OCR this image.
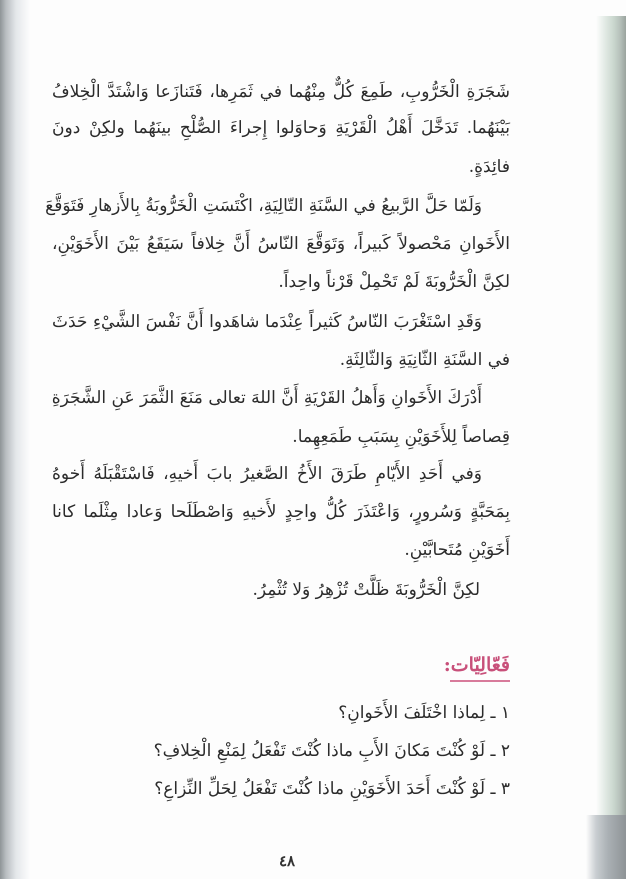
شَجَرَةِ الْخَرُّوبِ، طَمِعَ كُلٌّ مِنْهُما في ثَمَرِها، فَتَنازَعا وَاشْتَدَّ الْخِلافُ
بَيْنَهُما. تَدَخَّلَ أَهْلُ الْقَرْيَةِ وَحاوَلوا إِجراءَ الصُّلْحِ بينَهُما ولكِنْ دونَ
فائِدَةٍ.
وَلَمّا حَلَّ الرَّبيعُ في السَّنَةِ التّالِيَةِ، اكْتَسَتِ الْخَرُّوبَةُ بِالأَزهارِ فَتَوَقَّعَ
الأَخَوانِ مَحْصولاً كَبيراً، وَتَوَقَّعَ النّاسُ أَنَّ خِلافاً سَيَقَعُ بَيْنَ الأَخَوَيْنِ،
لكِنَّ الْخَرُّوبَةَ لَمْ تَحْمِلْ قَرْناً واحِداً.
وَقَدِ اسْتَغْرَبَ النّاسُ كَثيراً عِنْدَما شاهَدوا أَنَّ نَفْسَ الشَّيْءِ حَدَثَ
في السَّنَةِ الثّانِيَةِ وَالثّالِثَةِ.
أَدْرَكَ الأَخَوانِ وَأَهلُ القَرْيَةِ أَنَّ اللهَ تعالى مَنَعَ الثَّمَرَ عَنِ الشَّجَرَةِ
قِصاصاً لِلأَخَوَيْنِ بِسَبَبِ طَمَعِهِما.
وَفي أَحَدِ الأَيّامِ طَرَقَ الأَخُ الصَّغيرُ بابَ أَخيهِ، فَاسْتَقْبَلَهُ أَخوهُ
بِمَحَبَّةٍ وَسُرورٍ، وَاعْتَذَرَ كُلُّ واحِدٍ لأَخيهِ وَاصْطَلَحا وَعادا مِثْلَما كانا
أَخَوَيْنِ مُتَحابَّيْنِ.
لكِنَّ الْخَرُّوبَةَ ظَلَّتْ تُزْهِرُ وَلا تُثْمِرُ.
فَعّالِيّات:
١ ـ لِماذا اخْتَلَفَ الأَخَوانِ؟
٢ ـ لَوْ كُنْتَ مَكانَ الأَبِ ماذا كُنْتَ تَفْعَلُ لِمَنْعِ الْخِلافِ؟
٣ ـ لَوْ كُنْتَ أَحَدَ الأَخَوَيْنِ ماذا كُنْتَ تَفْعَلُ لِحَلِّ النِّزاعِ؟
٤٨
